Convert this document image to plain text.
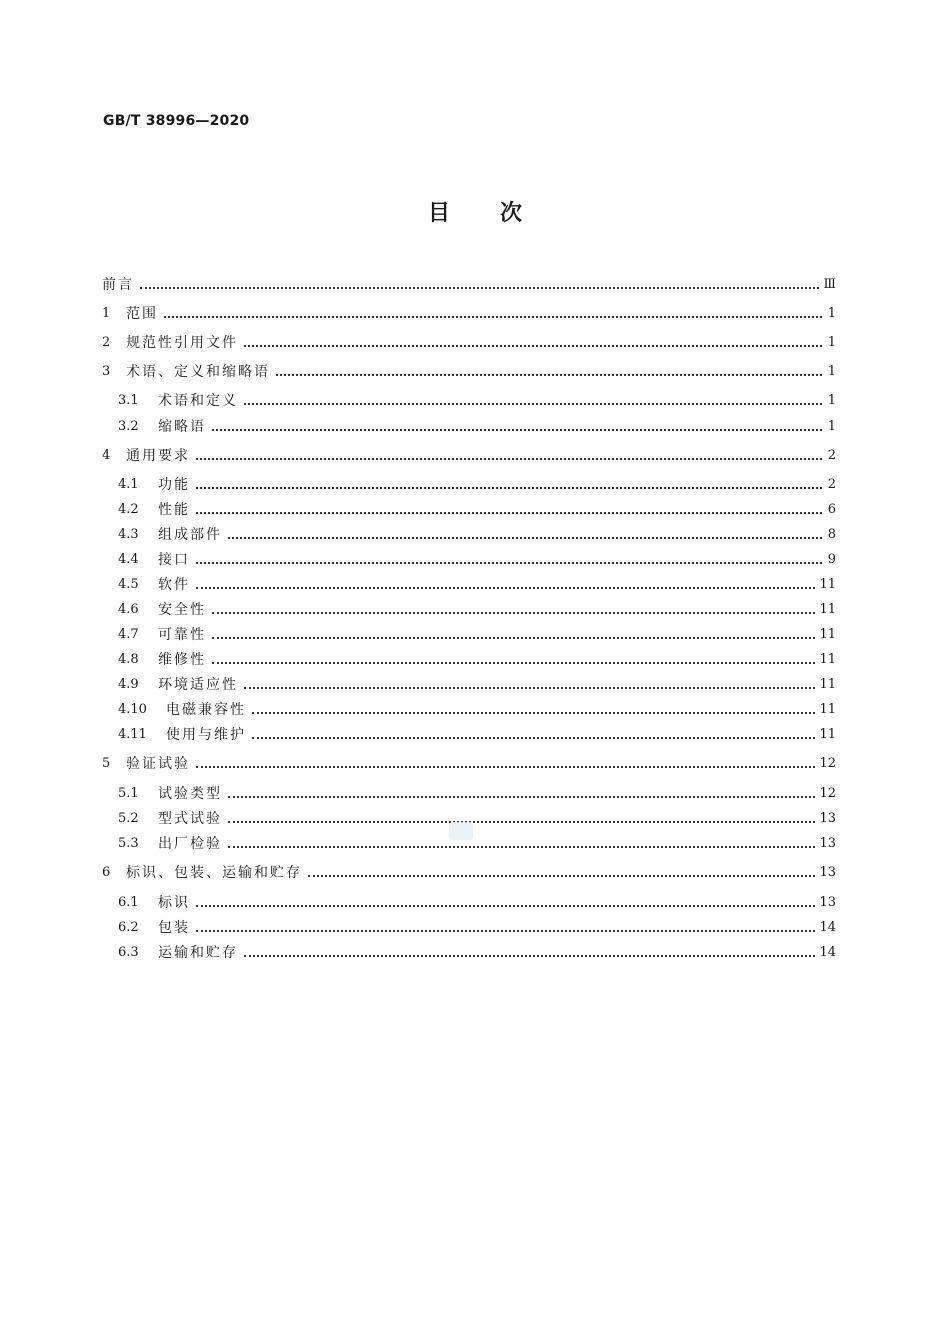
GB/T 38996—2020
目次
前言	Ⅲ
1	范围	1
2	规范性引用文件	1
3	术语、定义和缩略语	1
3.1	术语和定义	1
3.2	缩略语	1
4	通用要求	2
4.1	功能	2
4.2	性能	6
4.3	组成部件	8
4.4	接口	9
4.5	软件	11
4.6	安全性	11
4.7	可靠性	11
4.8	维修性	11
4.9	环境适应性	11
4.10	电磁兼容性	11
4.11	使用与维护	11
5	验证试验	12
5.1	试验类型	12
5.2	型式试验	13
5.3	出厂检验	13
6	标识、包装、运输和贮存	13
6.1	标识	13
6.2	包装	14
6.3	运输和贮存	14
